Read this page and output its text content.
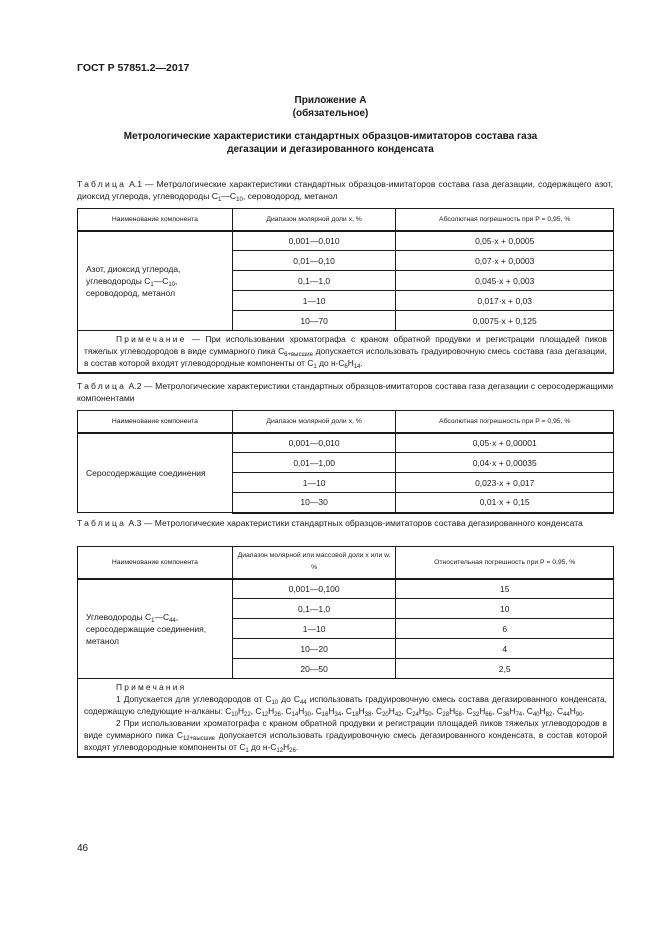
ГОСТ Р 57851.2—2017
Приложение А
(обязательное)
Метрологические характеристики стандартных образцов-имитаторов состава газа дегазации и дегазированного конденсата
Таблица А.1 — Метрологические характеристики стандартных образцов-имитаторов состава газа дегазации, содержащего азот, диоксид углерода, углеводороды $С_1—С_{10}$, сероводород, метанол
Наименование компонента	Диапазон молярной доли x, %	Абсолютная погрешность при P = 0,95, %
Азот, диоксид углерода, углеводороды $С_1—С_{10}$, сероводород, метанол	0,001—0,010	0,05·x + 0,0005
	0,01—0,10	0,07·x + 0,0003
	0,1—1,0	0,045·x + 0,003
	1—10	0,017·x + 0,03
	10—70	0,0075·x + 0,125
Примечание — При использовании хроматографа с краном обратной продувки и регистрации площадей пиков тяжелых углеводородов в виде суммарного пика $С_{6+высшие}$ допускается использовать градуировочную смесь состава газа дегазации, в состав которой входят углеводородные компоненты от $С_1$ до $н-С_6Н_{14}$.		
Таблица А.2 — Метрологические характеристики стандартных образцов-имитаторов состава газа дегазации с серосодержащими компонентами
Наименование компонента	Диапазон молярной доли x, %	Абсолютная погрешность при P = 0,95, %
Серосодержащие соединения	0,001—0,010	0,05·x + 0,00001
	0,01—1,00	0,04·x + 0,00035
	1—10	0,023·x + 0,017
	10—30	0,01·x + 0,15
Таблица А.3 — Метрологические характеристики стандартных образцов-имитаторов состава дегазированного конденсата
Наименование компонента	Диапазон молярной или массовой доли x или w, %	Относительная погрешность при P = 0,95, %
Углеводороды $С_1—С_{44}$, серосодержащие соединения, метанол	0,001—0,100	15
	0,1—1,0	10
	1—10	6
	10—20	4
	20—50	2,5

Примечания
1 Допускается для углеводородов от $С_{10}$ до $С_{44}$ использовать градуировочную смесь состава дегазированного конденсата, содержащую следующие н-алканы: $С_{10}Н_{22}$, $С_{12}Н_{26}$, $С_{14}Н_{30}$, $С_{16}Н_{34}$, $С_{18}Н_{38}$, $С_{20}Н_{42}$, $С_{24}Н_{50}$, $С_{28}Н_{58}$, $С_{32}Н_{66}$, $С_{36}Н_{74}$, $С_{40}Н_{82}$, $С_{44}Н_{90}$.
2 При использовании хроматографа с краном обратной продувки и регистрации площадей пиков тяжелых углеводородов в виде суммарного пика $С_{12+высшие}$ допускается использовать градуировочную смесь дегазированного конденсата, в состав которой входят углеводородные компоненты от $С_1$ до $н-С_{12}Н_{26}$.		
46
